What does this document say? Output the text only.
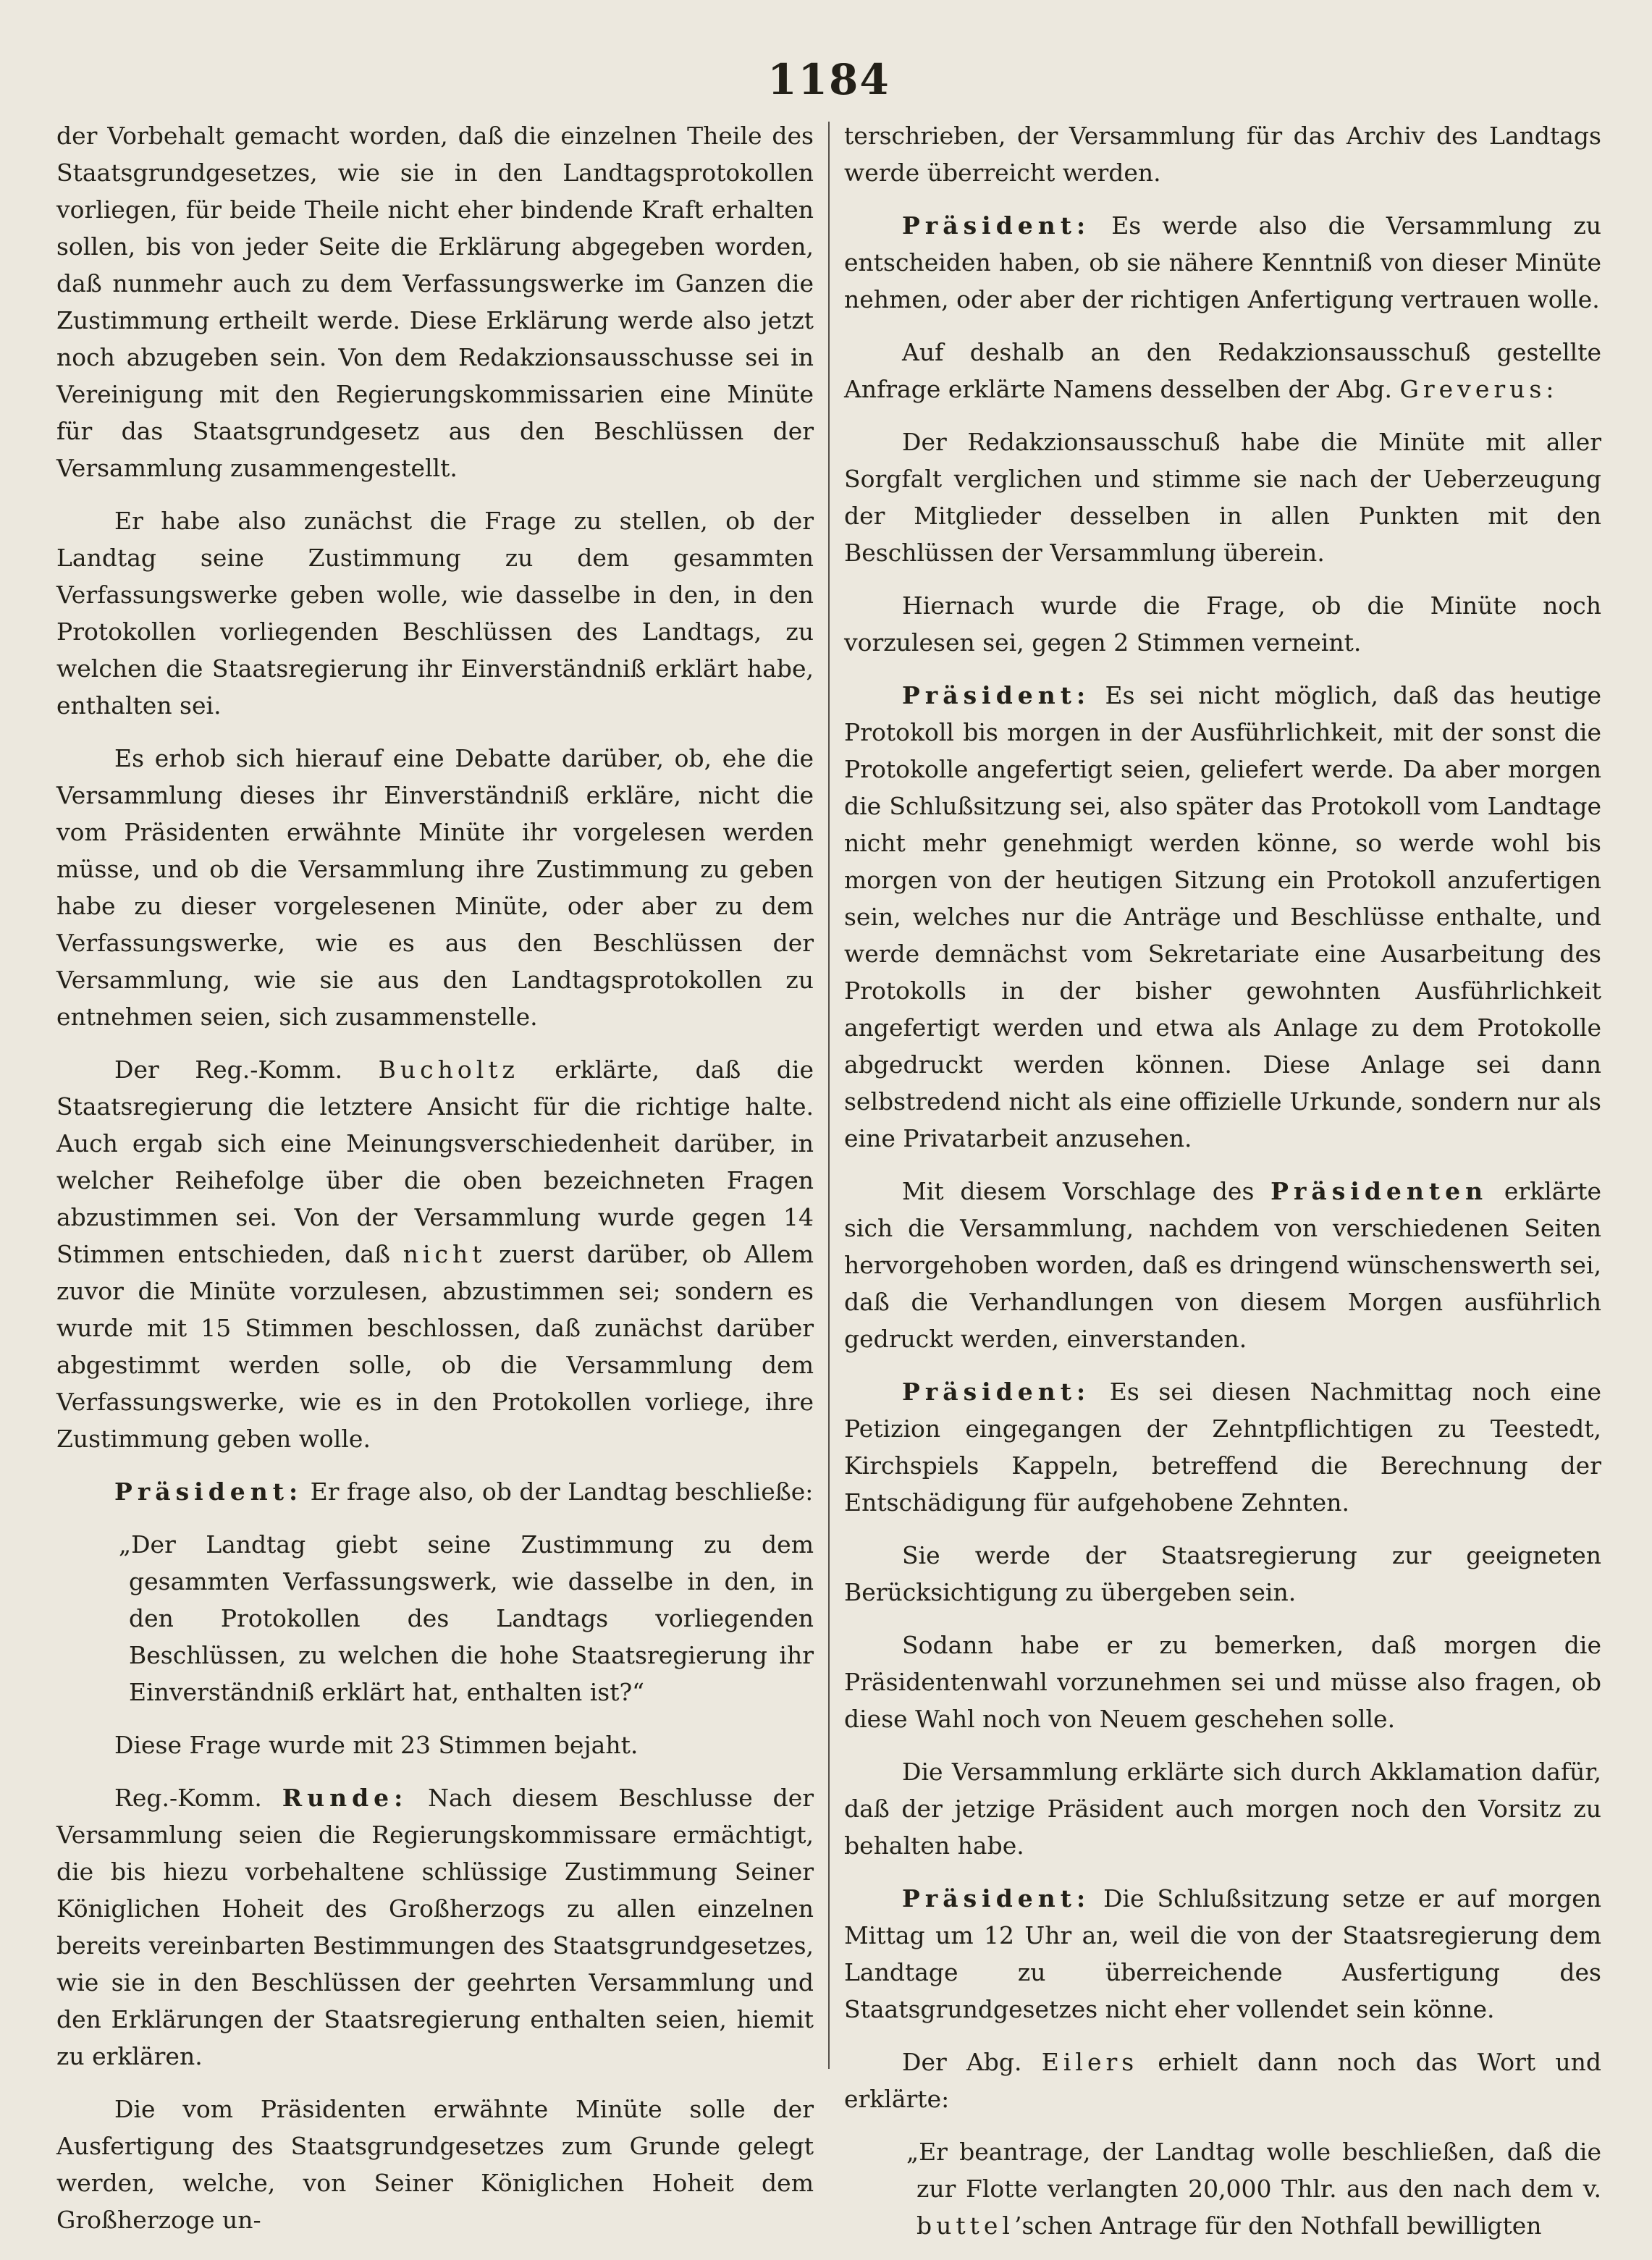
1184

der Vorbehalt gemacht worden, daß die einzelnen Theile des Staatsgrundgesetzes, wie sie in den Landtagsprotokollen vorliegen, für beide Theile nicht eher bindende Kraft erhalten sollen, bis von jeder Seite die Erklärung abgegeben worden, daß nunmehr auch zu dem Verfassungswerke im Ganzen die Zustimmung ertheilt werde. Diese Erklärung werde also jetzt noch abzugeben sein. Von dem Redakzionsausschusse sei in Vereinigung mit den Regierungskommissarien eine Minüte für das Staatsgrundgesetz aus den Beschlüssen der Versammlung zusammengestellt.

Er habe also zunächst die Frage zu stellen, ob der Landtag seine Zustimmung zu dem gesammten Verfassungswerke geben wolle, wie dasselbe in den, in den Protokollen vorliegenden Beschlüssen des Landtags, zu welchen die Staatsregierung ihr Einverständniß erklärt habe, enthalten sei.

Es erhob sich hierauf eine Debatte darüber, ob, ehe die Versammlung dieses ihr Einverständniß erkläre, nicht die vom Präsidenten erwähnte Minüte ihr vorgelesen werden müsse, und ob die Versammlung ihre Zustimmung zu geben habe zu dieser vorgelesenen Minüte, oder aber zu dem Verfassungswerke, wie es aus den Beschlüssen der Versammlung, wie sie aus den Landtagsprotokollen zu entnehmen seien, sich zusammenstelle.

Der Reg.-Komm. Bucholtz erklärte, daß die Staatsregierung die letztere Ansicht für die richtige halte. Auch ergab sich eine Meinungsverschiedenheit darüber, in welcher Reihefolge über die oben bezeichneten Fragen abzustimmen sei. Von der Versammlung wurde gegen 14 Stimmen entschieden, daß nicht zuerst darüber, ob Allem zuvor die Minüte vorzulesen, abzustimmen sei; sondern es wurde mit 15 Stimmen beschlossen, daß zunächst darüber abgestimmt werden solle, ob die Versammlung dem Verfassungswerke, wie es in den Protokollen vorliege, ihre Zustimmung geben wolle.

Präsident: Er frage also, ob der Landtag beschließe:

„Der Landtag giebt seine Zustimmung zu dem gesammten Verfassungswerk, wie dasselbe in den, in den Protokollen des Landtags vorliegenden Beschlüssen, zu welchen die hohe Staatsregierung ihr Einverständniß erklärt hat, enthalten ist?“

Diese Frage wurde mit 23 Stimmen bejaht.

Reg.-Komm. Runde: Nach diesem Beschlusse der Versammlung seien die Regierungskommissare ermächtigt, die bis hiezu vorbehaltene schlüssige Zustimmung Seiner Königlichen Hoheit des Großherzogs zu allen einzelnen bereits vereinbarten Bestimmungen des Staatsgrundgesetzes, wie sie in den Beschlüssen der geehrten Versammlung und den Erklärungen der Staatsregierung enthalten seien, hiemit zu erklären.

Die vom Präsidenten erwähnte Minüte solle der Ausfertigung des Staatsgrundgesetzes zum Grunde gelegt werden, welche, von Seiner Königlichen Hoheit dem Großherzoge un-

terschrieben, der Versammlung für das Archiv des Landtags werde überreicht werden.

Präsident: Es werde also die Versammlung zu entscheiden haben, ob sie nähere Kenntniß von dieser Minüte nehmen, oder aber der richtigen Anfertigung vertrauen wolle.

Auf deshalb an den Redakzionsausschuß gestellte Anfrage erklärte Namens desselben der Abg. Greverus:

Der Redakzionsausschuß habe die Minüte mit aller Sorgfalt verglichen und stimme sie nach der Ueberzeugung der Mitglieder desselben in allen Punkten mit den Beschlüssen der Versammlung überein.

Hiernach wurde die Frage, ob die Minüte noch vorzulesen sei, gegen 2 Stimmen verneint.

Präsident: Es sei nicht möglich, daß das heutige Protokoll bis morgen in der Ausführlichkeit, mit der sonst die Protokolle angefertigt seien, geliefert werde. Da aber morgen die Schlußsitzung sei, also später das Protokoll vom Landtage nicht mehr genehmigt werden könne, so werde wohl bis morgen von der heutigen Sitzung ein Protokoll anzufertigen sein, welches nur die Anträge und Beschlüsse enthalte, und werde demnächst vom Sekretariate eine Ausarbeitung des Protokolls in der bisher gewohnten Ausführlichkeit angefertigt werden und etwa als Anlage zu dem Protokolle abgedruckt werden können. Diese Anlage sei dann selbstredend nicht als eine offizielle Urkunde, sondern nur als eine Privatarbeit anzusehen.

Mit diesem Vorschlage des Präsidenten erklärte sich die Versammlung, nachdem von verschiedenen Seiten hervorgehoben worden, daß es dringend wünschenswerth sei, daß die Verhandlungen von diesem Morgen ausführlich gedruckt werden, einverstanden.

Präsident: Es sei diesen Nachmittag noch eine Petizion eingegangen der Zehntpflichtigen zu Teestedt, Kirchspiels Kappeln, betreffend die Berechnung der Entschädigung für aufgehobene Zehnten.

Sie werde der Staatsregierung zur geeigneten Berücksichtigung zu übergeben sein.

Sodann habe er zu bemerken, daß morgen die Präsidentenwahl vorzunehmen sei und müsse also fragen, ob diese Wahl noch von Neuem geschehen solle.

Die Versammlung erklärte sich durch Akklamation dafür, daß der jetzige Präsident auch morgen noch den Vorsitz zu behalten habe.

Präsident: Die Schlußsitzung setze er auf morgen Mittag um 12 Uhr an, weil die von der Staatsregierung dem Landtage zu überreichende Ausfertigung des Staatsgrundgesetzes nicht eher vollendet sein könne.

Der Abg. Eilers erhielt dann noch das Wort und erklärte:

„Er beantrage, der Landtag wolle beschließen, daß die zur Flotte verlangten 20,000 Thlr. aus den nach dem v. buttel’schen Antrage für den Nothfall bewilligten
